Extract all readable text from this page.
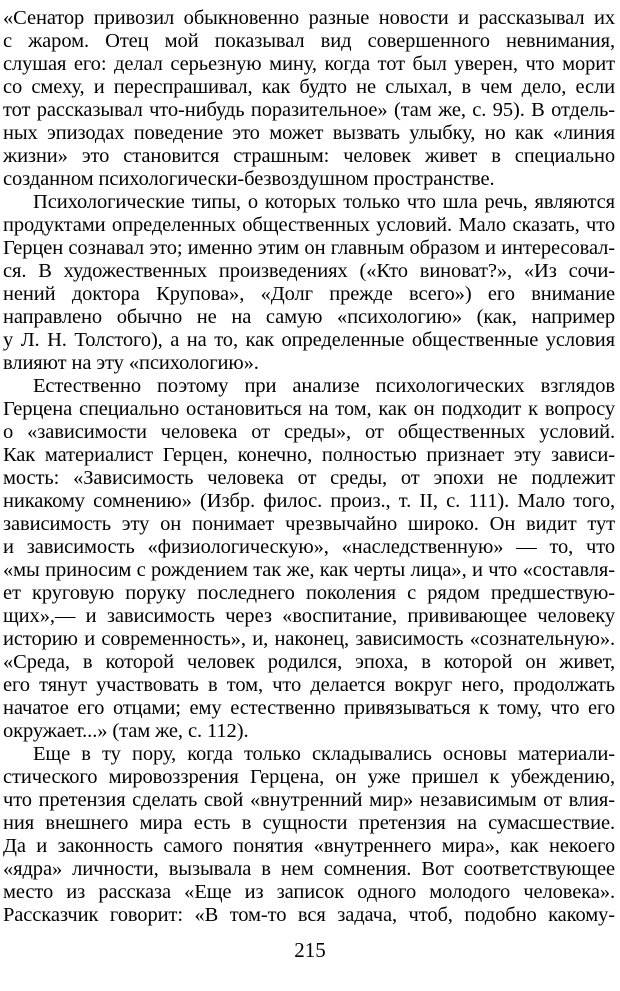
«Сенатор привозил обыкновенно разные новости и рассказывал их
с жаром. Отец мой показывал вид совершенного невнимания,
слушая его: делал серьезную мину, когда тот был уверен, что морит
со смеху, и переспрашивал, как будто не слыхал, в чем дело, если
тот рассказывал что-нибудь поразительное» (там же, с. 95). В отдель-
ных эпизодах поведение это может вызвать улыбку, но как «линия
жизни» это становится страшным: человек живет в специально
созданном психологически-безвоздушном пространстве.
Психологические типы, о которых только что шла речь, являются
продуктами определенных общественных условий. Мало сказать, что
Герцен сознавал это; именно этим он главным образом и интересовал-
ся. В художественных произведениях («Кто виноват?», «Из сочи-
нений доктора Крупова», «Долг прежде всего») его внимание
направлено обычно не на самую «психологию» (как, например
у Л. Н. Толстого), а на то, как определенные общественные условия
влияют на эту «психологию».
Естественно поэтому при анализе психологических взглядов
Герцена специально остановиться на том, как он подходит к вопросу
о «зависимости человека от среды», от общественных условий.
Как материалист Герцен, конечно, полностью признает эту зависи-
мость: «Зависимость человека от среды, от эпохи не подлежит
никакому сомнению» (Избр. филос. произ., т. II, с. 111). Мало того,
зависимость эту он понимает чрезвычайно широко. Он видит тут
и зависимость «физиологическую», «наследственную» — то, что
«мы приносим с рождением так же, как черты лица», и что «составля-
ет круговую поруку последнего поколения с рядом предшествую-
щих»,— и зависимость через «воспитание, прививающее человеку
историю и современность», и, наконец, зависимость «сознательную».
«Среда, в которой человек родился, эпоха, в которой он живет,
его тянут участвовать в том, что делается вокруг него, продолжать
начатое его отцами; ему естественно привязываться к тому, что его
окружает...» (там же, с. 112).
Еще в ту пору, когда только складывались основы материали-
стического мировоззрения Герцена, он уже пришел к убеждению,
что претензия сделать свой «внутренний мир» независимым от влия-
ния внешнего мира есть в сущности претензия на сумасшествие.
Да и законность самого понятия «внутреннего мира», как некоего
«ядра» личности, вызывала в нем сомнения. Вот соответствующее
место из рассказа «Еще из записок одного молодого человека».
Рассказчик говорит: «В том-то вся задача, чтоб, подобно какому-
215
